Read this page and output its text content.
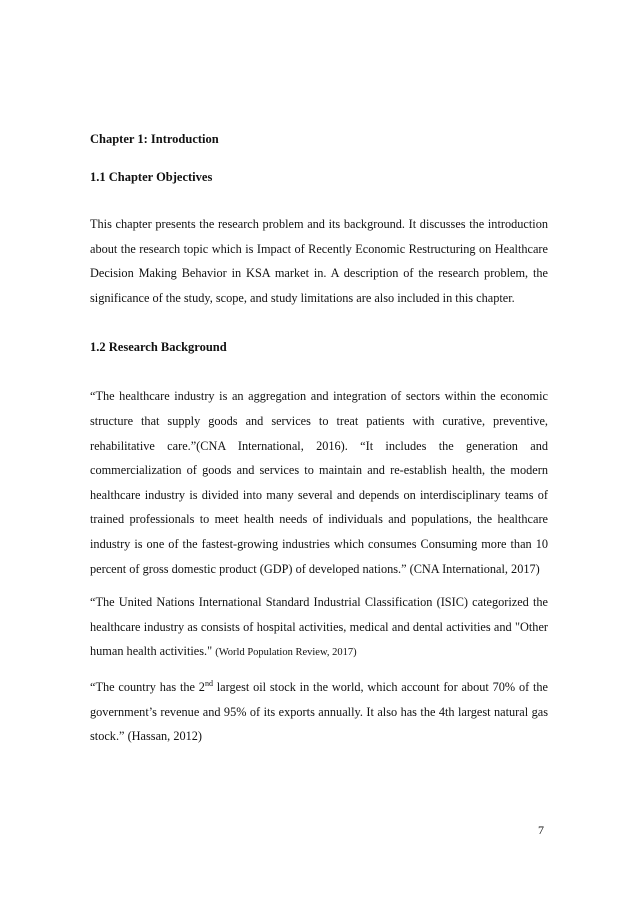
Chapter 1: Introduction
1.1 Chapter Objectives

This chapter presents the research problem and its background. It discusses the introduction about the research topic which is Impact of Recently Economic Restructuring on Healthcare Decision Making Behavior in KSA market in. A description of the research problem, the significance of the study, scope, and study limitations are also included in this chapter.

1.2 Research Background

“The healthcare industry is an aggregation and integration of sectors within the economic structure that supply goods and services to treat patients with curative, preventive, rehabilitative care.”(CNA International, 2016). “It includes the generation and commercialization of goods and services to maintain and re-establish health, the modern healthcare industry is divided into many several and depends on interdisciplinary teams of trained professionals to meet health needs of individuals and populations, the healthcare industry is one of the fastest-growing industries which consumes Consuming more than 10 percent of gross domestic product (GDP) of developed nations.” (CNA International, 2017)

“The United Nations International Standard Industrial Classification (ISIC) categorized the healthcare industry as consists of hospital activities, medical and dental activities and "Other human health activities." (World Population Review, 2017)

“The country has the 2nd largest oil stock in the world, which account for about 70% of the government’s revenue and 95% of its exports annually. It also has the 4th largest natural gas stock.” (Hassan, 2012)

7
